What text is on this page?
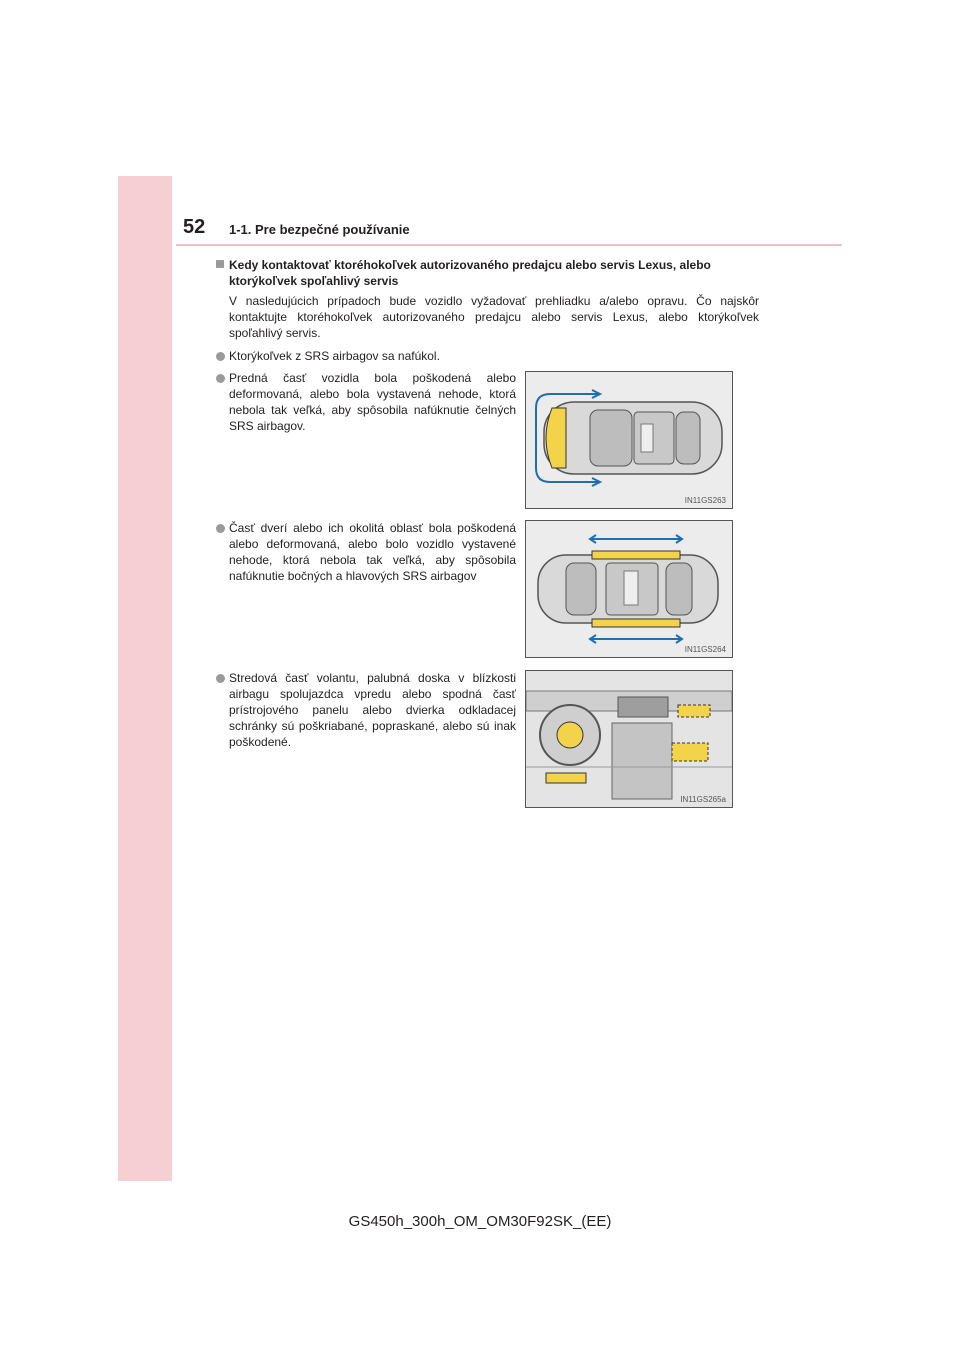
52 1-1. Pre bezpečné používanie
Kedy kontaktovať ktoréhokoľvek autorizovaného predajcu alebo servis Lexus, alebo ktorýkoľvek spoľahlivý servis
V nasledujúcich prípadoch bude vozidlo vyžadovať prehliadku a/alebo opravu. Čo najskôr kontaktujte ktoréhokoľvek autorizovaného predajcu alebo servis Lexus, alebo ktorýkoľvek spoľahlivý servis.
Ktorýkoľvek z SRS airbagov sa nafúkol.
Predná časť vozidla bola poškodená alebo deformovaná, alebo bola vystavená nehode, ktorá nebola tak veľká, aby spôsobila nafúknutie čelných SRS airbagov.
Časť dverí alebo ich okolitá oblasť bola poškodená alebo deformovaná, alebo bolo vozidlo vystavené nehode, ktorá nebola tak veľká, aby spôsobila nafúknutie bočných a hlavových SRS airbagov
Stredová časť volantu, palubná doska v blízkosti airbagu spolujazdca vpredu alebo spodná časť prístrojového panelu alebo dvierka odkladacej schránky sú poškriabané, popraskané, alebo sú inak poškodené.
IN11GS263
IN11GS264
IN11GS265a
GS450h_300h_OM_OM30F92SK_(EE)
